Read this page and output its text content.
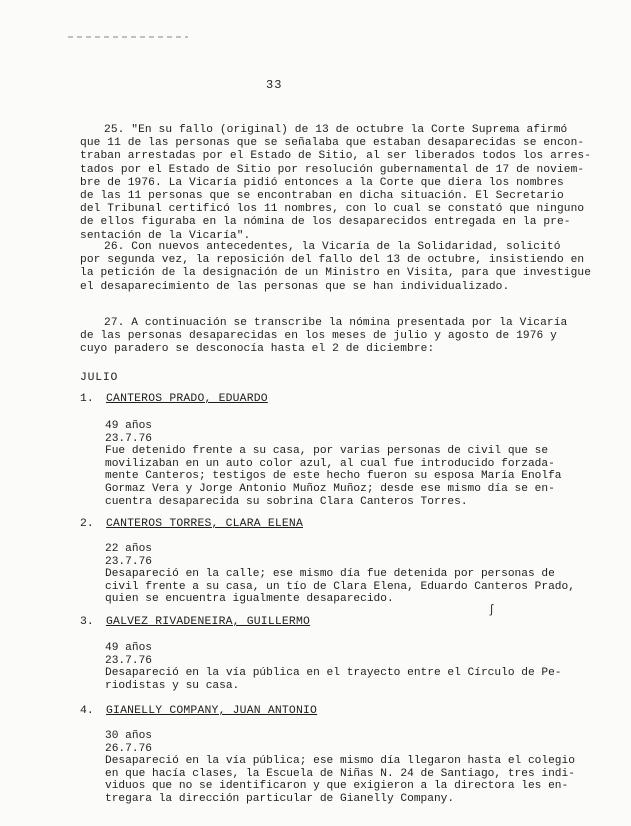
33

25. "En su fallo (original) de 13 de octubre la Corte Suprema afirmó
que 11 de las personas que se señalaba que estaban desaparecidas se encon-
traban arrestadas por el Estado de Sitio, al ser liberados todos los arres-
tados por el Estado de Sitio por resolución gubernamental de 17 de noviem-
bre de 1976. La Vicaría pidió entonces a la Corte que diera los nombres
de las 11 personas que se encontraban en dicha situación. El Secretario
del Tribunal certificó los 11 nombres, con lo cual se constató que ninguno
de ellos figuraba en la nómina de los desaparecidos entregada en la pre-
sentación de la Vicaría".

26. Con nuevos antecedentes, la Vicaría de la Solidaridad, solicitó
por segunda vez, la reposición del fallo del 13 de octubre, insistiendo en
la petición de la designación de un Ministro en Visita, para que investigue
el desaparecimiento de las personas que se han individualizado.

27. A continuación se transcribe la nómina presentada por la Vicaría
de las personas desaparecidas en los meses de julio y agosto de 1976 y
cuyo paradero se desconocía hasta el 2 de diciembre:

JULIO
1. CANTEROS PRADO, EDUARDO
49 años
23.7.76
Fue detenido frente a su casa, por varias personas de civil que se
movilizaban en un auto color azul, al cual fue introducido forzada-
mente Canteros; testigos de este hecho fueron su esposa María Enolfa
Gormaz Vera y Jorge Antonio Muñoz Muñoz; desde ese mismo día se en-
cuentra desaparecida su sobrina Clara Canteros Torres.
2. CANTEROS TORRES, CLARA ELENA
22 años
23.7.76
Desapareció en la calle; ese mismo día fue detenida por personas de
civil frente a su casa, un tío de Clara Elena, Eduardo Canteros Prado,
quien se encuentra igualmente desaparecido.
3. GALVEZ RIVADENEIRA, GUILLERMO
49 años
23.7.76
Desapareció en la vía pública en el trayecto entre el Círculo de Pe-
riodistas y su casa.
4. GIANELLY COMPANY, JUAN ANTONIO
30 años
26.7.76
Desapareció en la vía pública; ese mismo día llegaron hasta el colegio
en que hacía clases, la Escuela de Niñas N. 24 de Santiago, tres indi-
viduos que no se identificaron y que exigieron a la directora les en-
tregara la dirección particular de Gianelly Company.
ʃ
